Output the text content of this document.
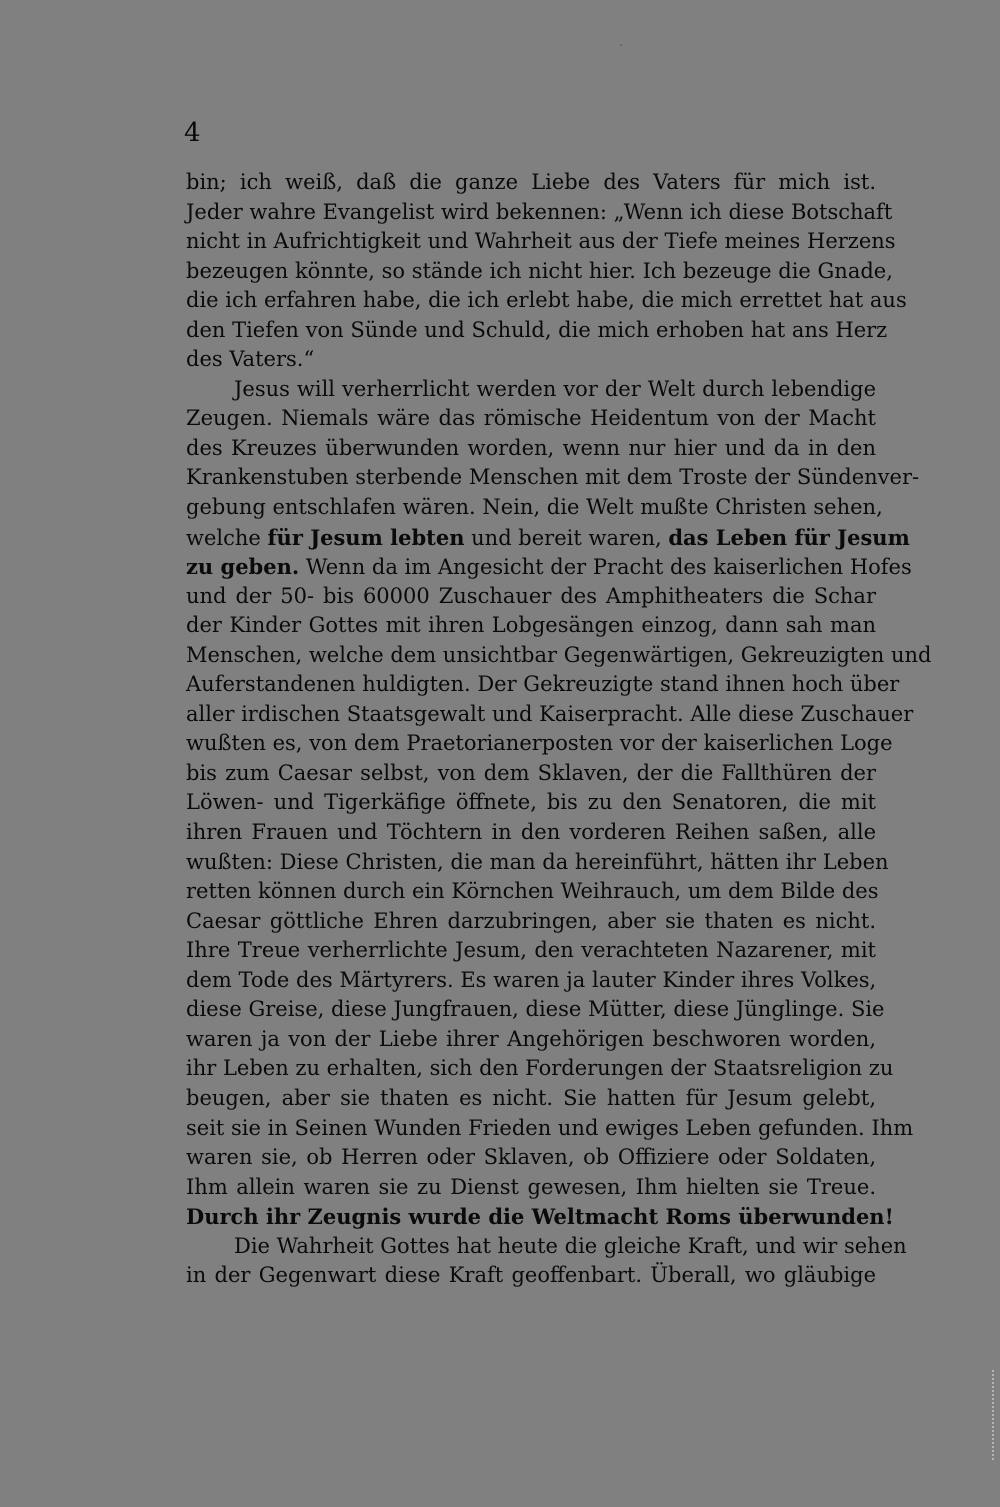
4
bin; ich weiß, daß die ganze Liebe des Vaters für mich ist.
Jeder wahre Evangelist wird bekennen: „Wenn ich diese Botschaft
nicht in Aufrichtigkeit und Wahrheit aus der Tiefe meines Herzens
bezeugen könnte, so stände ich nicht hier. Ich bezeuge die Gnade,
die ich erfahren habe, die ich erlebt habe, die mich errettet hat aus
den Tiefen von Sünde und Schuld, die mich erhoben hat ans Herz
des Vaters.“
Jesus will verherrlicht werden vor der Welt durch lebendige
Zeugen. Niemals wäre das römische Heidentum von der Macht
des Kreuzes überwunden worden, wenn nur hier und da in den
Krankenstuben sterbende Menschen mit dem Troste der Sündenver-
gebung entschlafen wären. Nein, die Welt mußte Christen sehen,
welche für Jesum lebten und bereit waren, das Leben für Jesum
zu geben. Wenn da im Angesicht der Pracht des kaiserlichen Hofes
und der 50- bis 60000 Zuschauer des Amphitheaters die Schar
der Kinder Gottes mit ihren Lobgesängen einzog, dann sah man
Menschen, welche dem unsichtbar Gegenwärtigen, Gekreuzigten und
Auferstandenen huldigten. Der Gekreuzigte stand ihnen hoch über
aller irdischen Staatsgewalt und Kaiserpracht. Alle diese Zuschauer
wußten es, von dem Praetorianerposten vor der kaiserlichen Loge
bis zum Caesar selbst, von dem Sklaven, der die Fallthüren der
Löwen- und Tigerkäfige öffnete, bis zu den Senatoren, die mit
ihren Frauen und Töchtern in den vorderen Reihen saßen, alle
wußten: Diese Christen, die man da hereinführt, hätten ihr Leben
retten können durch ein Körnchen Weihrauch, um dem Bilde des
Caesar göttliche Ehren darzubringen, aber sie thaten es nicht.
Ihre Treue verherrlichte Jesum, den verachteten Nazarener, mit
dem Tode des Märtyrers. Es waren ja lauter Kinder ihres Volkes,
diese Greise, diese Jungfrauen, diese Mütter, diese Jünglinge. Sie
waren ja von der Liebe ihrer Angehörigen beschworen worden,
ihr Leben zu erhalten, sich den Forderungen der Staatsreligion zu
beugen, aber sie thaten es nicht. Sie hatten für Jesum gelebt,
seit sie in Seinen Wunden Frieden und ewiges Leben gefunden. Ihm
waren sie, ob Herren oder Sklaven, ob Offiziere oder Soldaten,
Ihm allein waren sie zu Dienst gewesen, Ihm hielten sie Treue.
Durch ihr Zeugnis wurde die Weltmacht Roms überwunden!
Die Wahrheit Gottes hat heute die gleiche Kraft, und wir sehen
in der Gegenwart diese Kraft geoffenbart. Überall, wo gläubige
